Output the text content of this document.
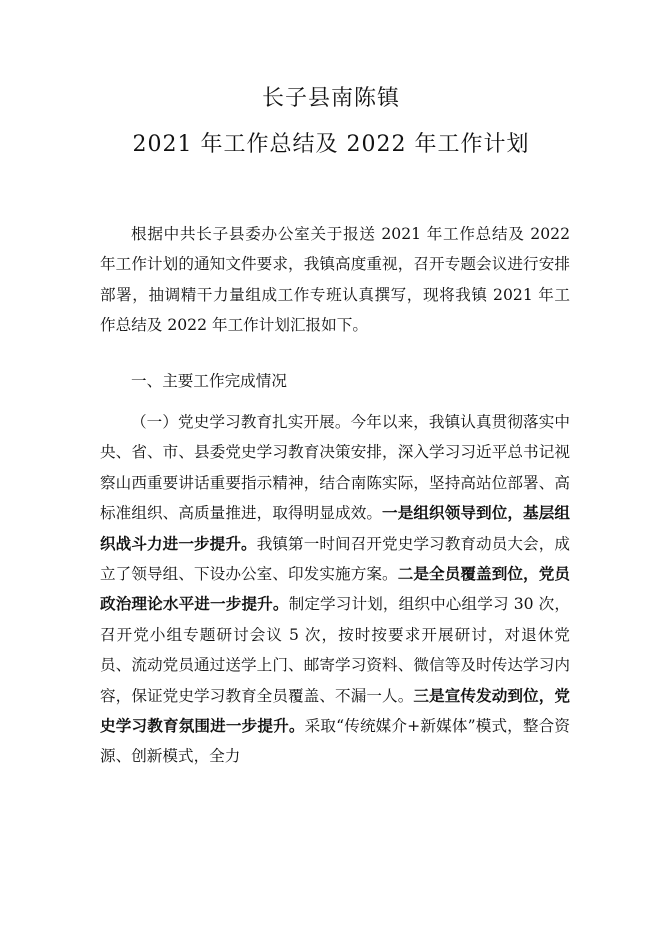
长子县南陈镇
2021 年工作总结及 2022 年工作计划

根据中共长子县委办公室关于报送 2021 年工作总结及 2022 年工作计划的通知文件要求，我镇高度重视，召开专题会议进行安排部署，抽调精干力量组成工作专班认真撰写，现将我镇 2021 年工作总结及 2022 年工作计划汇报如下。

一、主要工作完成情况

（一）党史学习教育扎实开展。今年以来，我镇认真贯彻落实中央、省、市、县委党史学习教育决策安排，深入学习习近平总书记视察山西重要讲话重要指示精神，结合南陈实际，坚持高站位部署、高标准组织、高质量推进，取得明显成效。一是组织领导到位，基层组织战斗力进一步提升。我镇第一时间召开党史学习教育动员大会，成立了领导组、下设办公室、印发实施方案。二是全员覆盖到位，党员政治理论水平进一步提升。制定学习计划，组织中心组学习 30 次，召开党小组专题研讨会议 5 次，按时按要求开展研讨，对退休党员、流动党员通过送学上门、邮寄学习资料、微信等及时传达学习内容，保证党史学习教育全员覆盖、不漏一人。三是宣传发动到位，党史学习教育氛围进一步提升。采取“传统媒介+新媒体”模式，整合资源、创新模式，全力
